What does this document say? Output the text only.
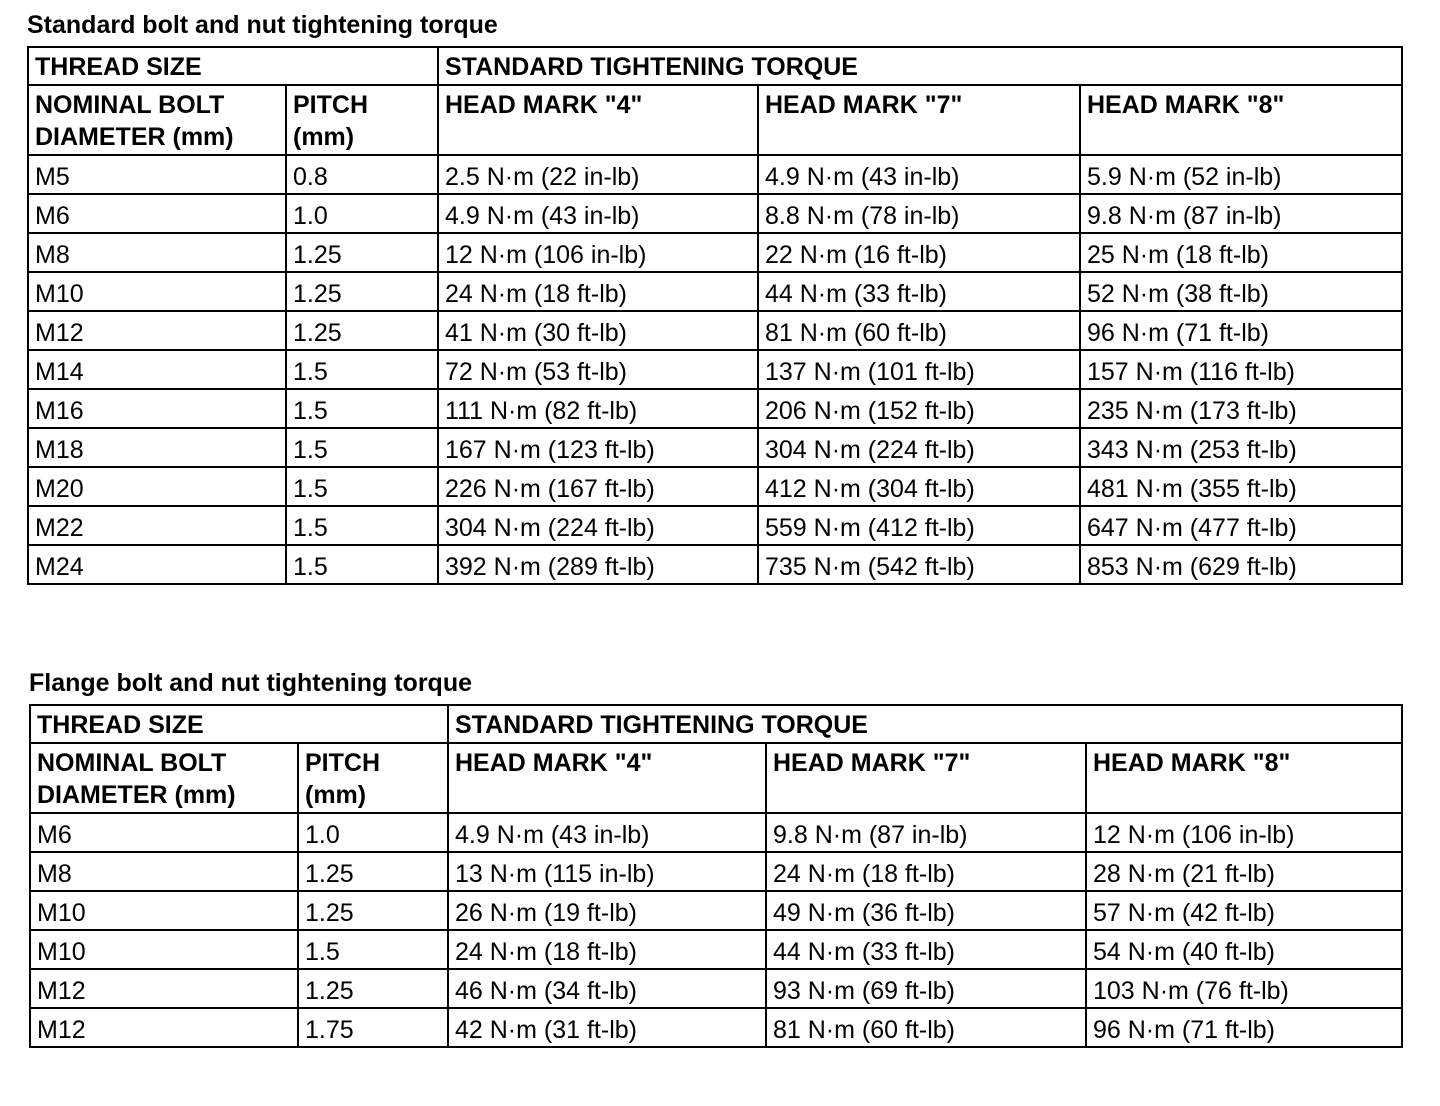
Standard bolt and nut tightening torque
THREAD SIZE		STANDARD TIGHTENING TORQUE		
NOMINAL BOLT DIAMETER (mm)	PITCH (mm)	HEAD MARK "4"	HEAD MARK "7"	HEAD MARK "8"
M5	0.8	2.5 N·m (22 in-lb)	4.9 N·m (43 in-lb)	5.9 N·m (52 in-lb)
M6	1.0	4.9 N·m (43 in-lb)	8.8 N·m (78 in-lb)	9.8 N·m (87 in-lb)
M8	1.25	12 N·m (106 in-lb)	22 N·m (16 ft-lb)	25 N·m (18 ft-lb)
M10	1.25	24 N·m (18 ft-lb)	44 N·m (33 ft-lb)	52 N·m (38 ft-lb)
M12	1.25	41 N·m (30 ft-lb)	81 N·m (60 ft-lb)	96 N·m (71 ft-lb)
M14	1.5	72 N·m (53 ft-lb)	137 N·m (101 ft-lb)	157 N·m (116 ft-lb)
M16	1.5	111 N·m (82 ft-lb)	206 N·m (152 ft-lb)	235 N·m (173 ft-lb)
M18	1.5	167 N·m (123 ft-lb)	304 N·m (224 ft-lb)	343 N·m (253 ft-lb)
M20	1.5	226 N·m (167 ft-lb)	412 N·m (304 ft-lb)	481 N·m (355 ft-lb)
M22	1.5	304 N·m (224 ft-lb)	559 N·m (412 ft-lb)	647 N·m (477 ft-lb)
M24	1.5	392 N·m (289 ft-lb)	735 N·m (542 ft-lb)	853 N·m (629 ft-lb)
Flange bolt and nut tightening torque
THREAD SIZE		STANDARD TIGHTENING TORQUE		
NOMINAL BOLT DIAMETER (mm)	PITCH (mm)	HEAD MARK "4"	HEAD MARK "7"	HEAD MARK "8"
M6	1.0	4.9 N·m (43 in-lb)	9.8 N·m (87 in-lb)	12 N·m (106 in-lb)
M8	1.25	13 N·m (115 in-lb)	24 N·m (18 ft-lb)	28 N·m (21 ft-lb)
M10	1.25	26 N·m (19 ft-lb)	49 N·m (36 ft-lb)	57 N·m (42 ft-lb)
M10	1.5	24 N·m (18 ft-lb)	44 N·m (33 ft-lb)	54 N·m (40 ft-lb)
M12	1.25	46 N·m (34 ft-lb)	93 N·m (69 ft-lb)	103 N·m (76 ft-lb)
M12	1.75	42 N·m (31 ft-lb)	81 N·m (60 ft-lb)	96 N·m (71 ft-lb)
